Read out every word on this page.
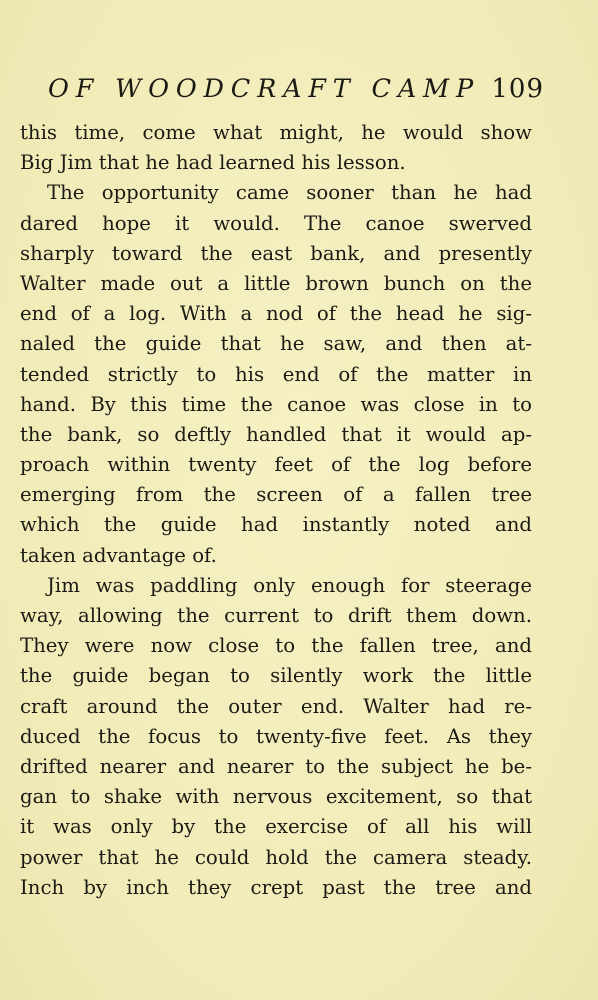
OF WOODCRAFT CAMP 109
this time, come what might, he would show
Big Jim that he had learned his lesson.
The opportunity came sooner than he had
dared hope it would. The canoe swerved
sharply toward the east bank, and presently
Walter made out a little brown bunch on the
end of a log. With a nod of the head he sig-
naled the guide that he saw, and then at-
tended strictly to his end of the matter in
hand. By this time the canoe was close in to
the bank, so deftly handled that it would ap-
proach within twenty feet of the log before
emerging from the screen of a fallen tree
which the guide had instantly noted and
taken advantage of.
Jim was paddling only enough for steerage
way, allowing the current to drift them down.
They were now close to the fallen tree, and
the guide began to silently work the little
craft around the outer end. Walter had re-
duced the focus to twenty-five feet. As they
drifted nearer and nearer to the subject he be-
gan to shake with nervous excitement, so that
it was only by the exercise of all his will
power that he could hold the camera steady.
Inch by inch they crept past the tree and
